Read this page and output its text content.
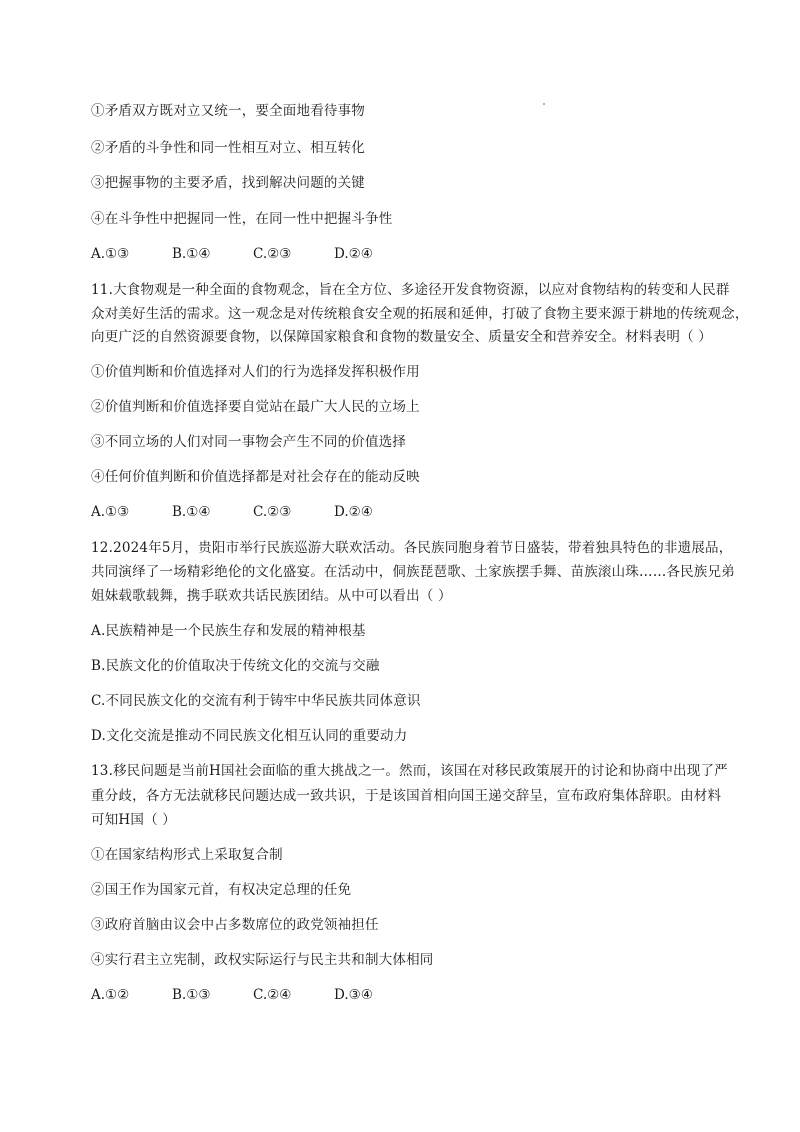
①矛盾双方既对立又统一，要全面地看待事物
②矛盾的斗争性和同一性相互对立、相互转化
③把握事物的主要矛盾，找到解决问题的关键
④在斗争性中把握同一性，在同一性中把握斗争性
A.①③	B.①④	C.②③	D.②④
11.大食物观是一种全面的食物观念，旨在全方位、多途径开发食物资源，以应对食物结构的转变和人民群
众对美好生活的需求。这一观念是对传统粮食安全观的拓展和延伸，打破了食物主要来源于耕地的传统观念，
向更广泛的自然资源要食物，以保障国家粮食和食物的数量安全、质量安全和营养安全。材料表明（ ）
①价值判断和价值选择对人们的行为选择发挥积极作用
②价值判断和价值选择要自觉站在最广大人民的立场上
③不同立场的人们对同一事物会产生不同的价值选择
④任何价值判断和价值选择都是对社会存在的能动反映
A.①③	B.①④	C.②③	D.②④
12.2024年5月，贵阳市举行民族巡游大联欢活动。各民族同胞身着节日盛装，带着独具特色的非遗展品，
共同演绎了一场精彩绝伦的文化盛宴。在活动中，侗族琵琶歌、土家族摆手舞、苗族滚山珠……各民族兄弟
姐妹载歌载舞，携手联欢共话民族团结。从中可以看出（ ）
A.民族精神是一个民族生存和发展的精神根基
B.民族文化的价值取决于传统文化的交流与交融
C.不同民族文化的交流有利于铸牢中华民族共同体意识
D.文化交流是推动不同民族文化相互认同的重要动力
13.移民问题是当前H国社会面临的重大挑战之一。然而，该国在对移民政策展开的讨论和协商中出现了严
重分歧，各方无法就移民问题达成一致共识，于是该国首相向国王递交辞呈，宣布政府集体辞职。由材料
可知H国（ ）
①在国家结构形式上采取复合制
②国王作为国家元首，有权决定总理的任免
③政府首脑由议会中占多数席位的政党领袖担任
④实行君主立宪制，政权实际运行与民主共和制大体相同
A.①②	B.①③	C.②④	D.③④
